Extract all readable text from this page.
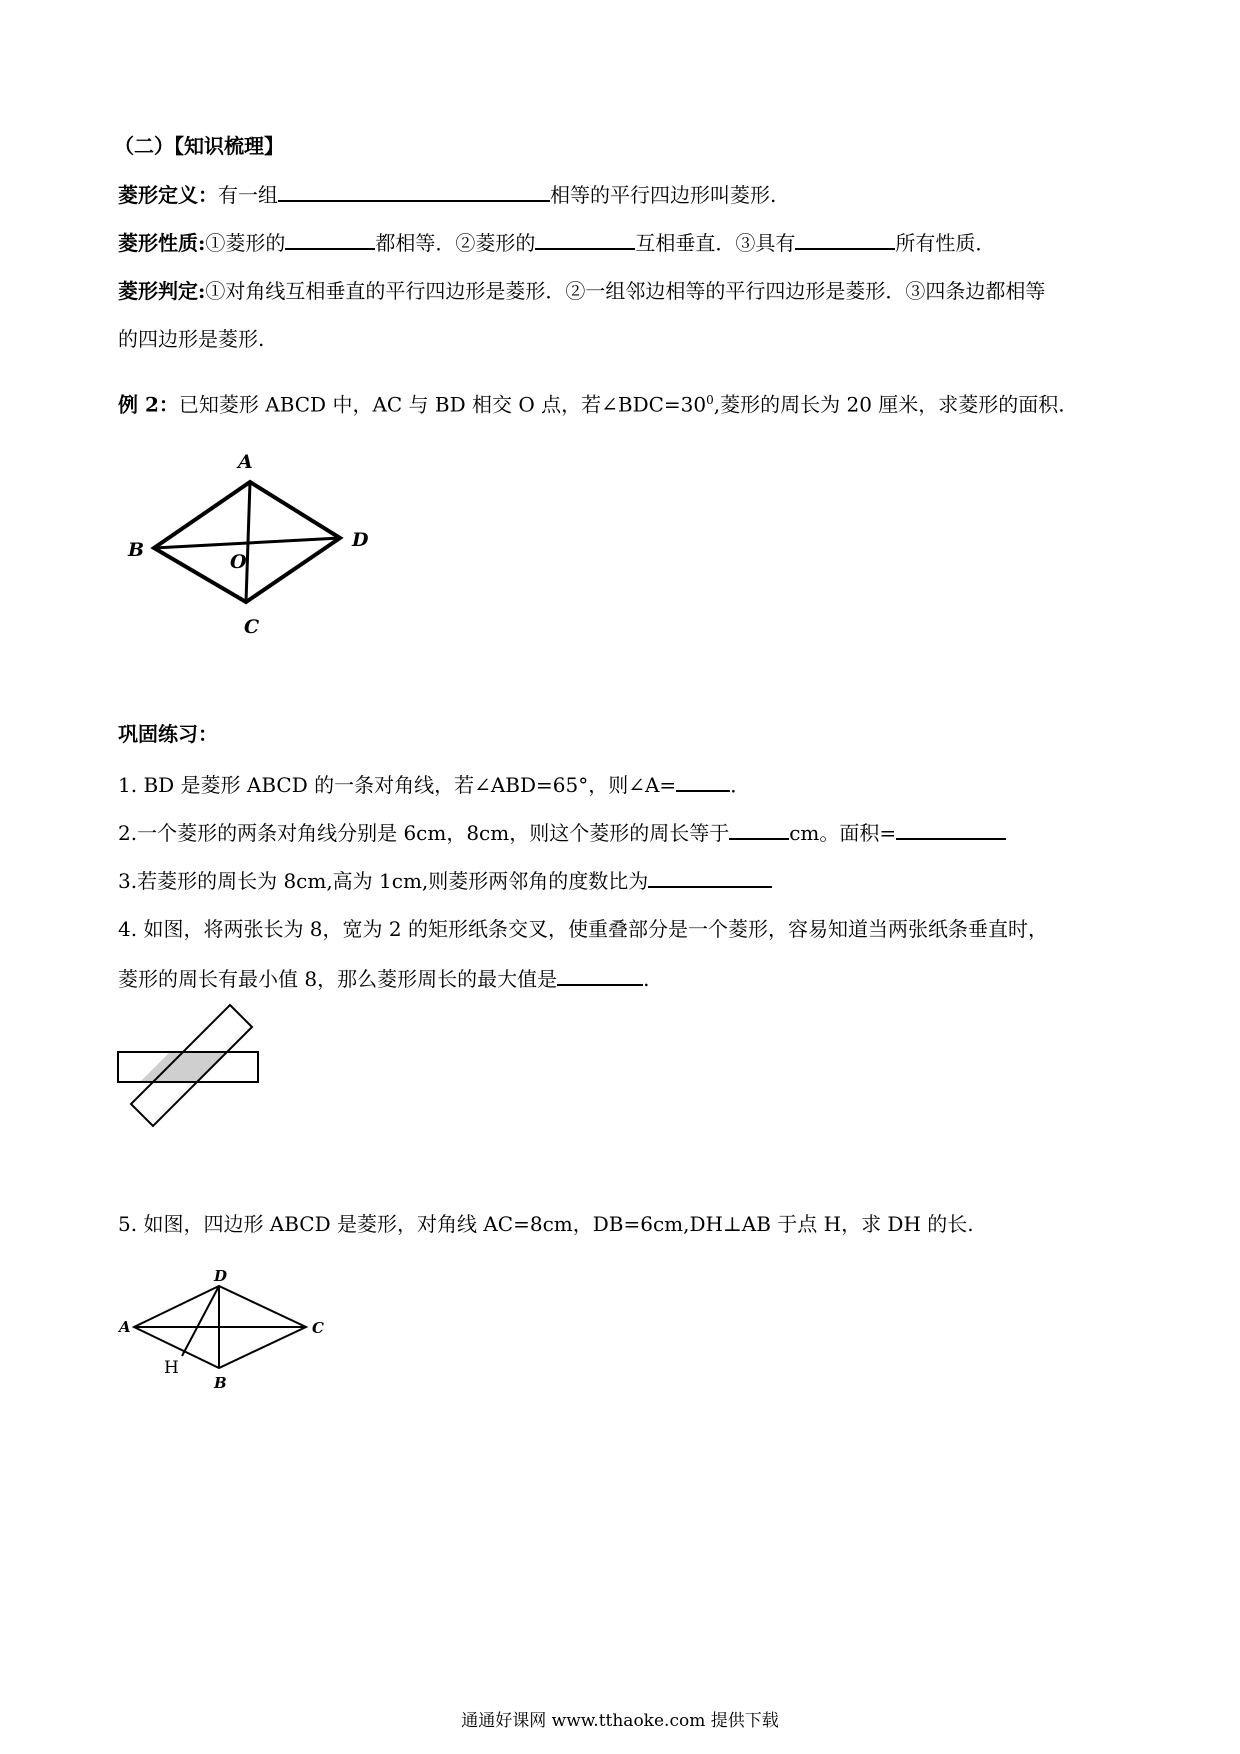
（二）【知识梳理】
菱形定义：有一组	相等的平行四边形叫菱形.
菱形性质:①菱形的	都相等．②菱形的	互相垂直．③具有	所有性质．
菱形判定:①对角线互相垂直的平行四边形是菱形．②一组邻边相等的平行四边形是菱形．③四条边都相等
的四边形是菱形.
例 2：已知菱形 ABCD 中，AC 与 BD 相交 O 点，若$\angle BDC=30^0$,菱形的周长为 20 厘米，求菱形的面积.
A
B
C
D
O
巩固练习：
1. BD 是菱形 ABCD 的一条对角线，若∠ABD=65°，则∠A=	．
2.一个菱形的两条对角线分别是 6cm，8cm，则这个菱形的周长等于	cm。面积=
3.若菱形的周长为 8cm,高为 1cm,则菱形两邻角的度数比为
4. 如图，将两张长为 8，宽为 2 的矩形纸条交叉，使重叠部分是一个菱形，容易知道当两张纸条垂直时，
菱形的周长有最小值 8，那么菱形周长的最大值是	.
5. 如图，四边形 ABCD 是菱形，对角线 AC=8cm，DB=6cm,DH⊥AB 于点 H，求 DH 的长.
A
D
C
B
H
通通好课网 www.tthaoke.com 提供下载
